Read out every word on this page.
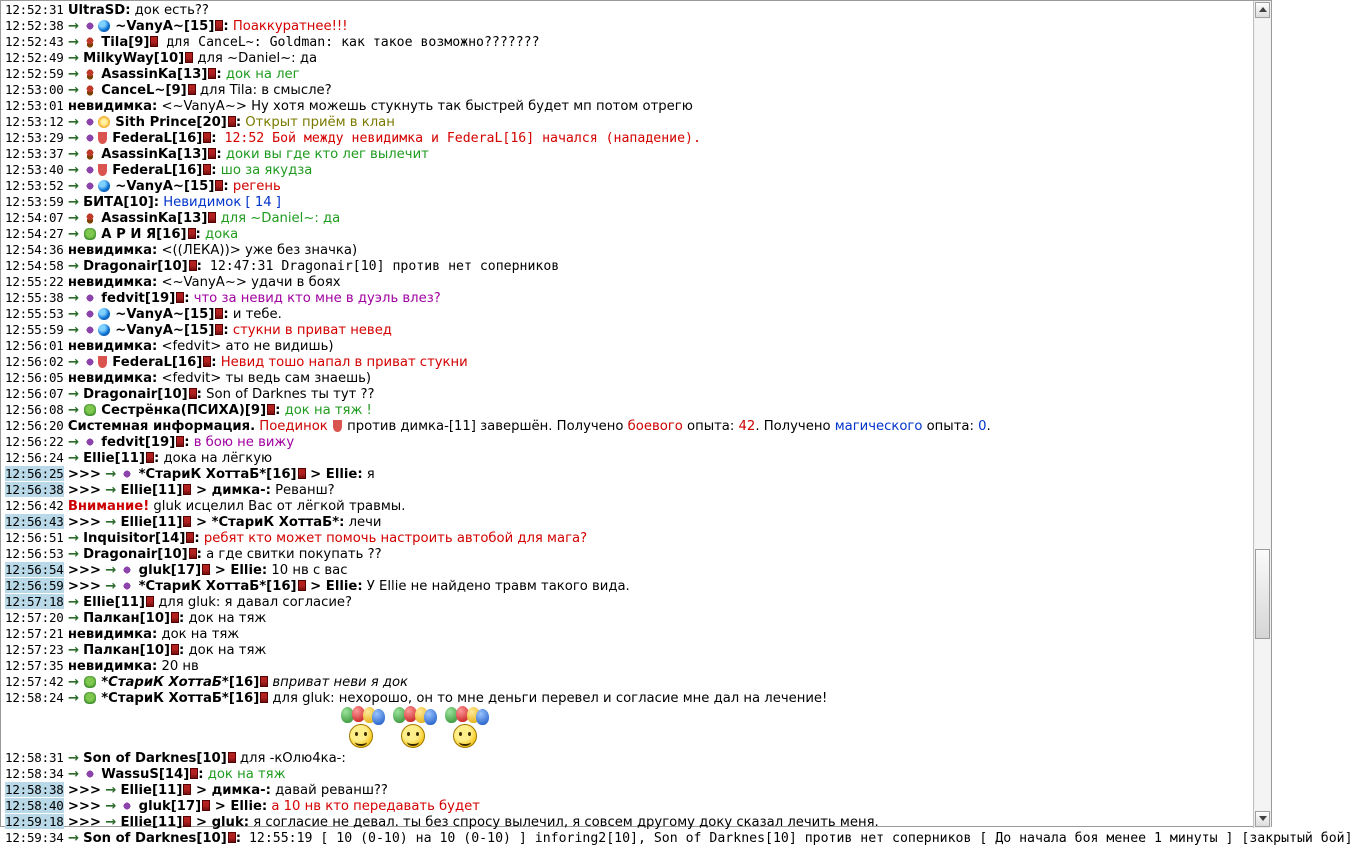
12:52:31 UltraSD: док есть??
12:52:38 →	~VanyA~[15] : Поаккуратнее!!!
12:52:43 → Tila[9] для CanceL~: Goldman: как такое возможно???????
12:52:49 → MilkyWay[10] для ~Daniel~: да
12:52:59 → AsassinKa[13] : док на лег
12:53:00 → CanceL~[9] для Tila: в смысле?
12:53:01 невидимка: <~VanyA~> Ну хотя можешь стукнуть так быстрей будет мп потом отрегю
12:53:12 →	Sith Prince[20] : Открыт приём в клан
12:53:29 →	FederaL[16] : 12:52 Бой между невидимка и FederaL[16] начался (нападение).
12:53:37 → AsassinKa[13] : доки вы где кто лег вылечит
12:53:40 →	FederaL[16] : шо за якудза
12:53:52 →	~VanyA~[15] : регень
12:53:59 → БИТА[10]: Невидимок [ 14 ]
12:54:07 → AsassinKa[13] для ~Daniel~: да
12:54:27 → А Р И Я[16] : дока
12:54:36 невидимка: <((ЛЕКА))> уже без значка)
12:54:58 → Dragonair[10] : 12:47:31 Dragonair[10] против нет соперников
12:55:22 невидимка: <~VanyA~> удачи в боях
12:55:38 → fedvit[19] : что за невид кто мне в дуэль влез?
12:55:53 →	~VanyA~[15] : и тебе.
12:55:59 →	~VanyA~[15] : стукни в приват невед
12:56:01 невидимка: <fedvit> ато не видишь)
12:56:02 →	FederaL[16] : Невид тошо напал в приват стукни
12:56:05 невидимка: <fedvit> ты ведь сам знаешь)
12:56:07 → Dragonair[10] : Son of Darknes ты тут ??
12:56:08 → Сестрёнка(ПСИХА)[9] : док на тяж !
12:56:20 Системная информация. Поединок  против димка-[11] завершён. Получено боевого опыта: 42. Получено магического опыта: 0.
12:56:22 → fedvit[19] : в бою не вижу
12:56:24 → Ellie[11] : дока на лёгкую
12:56:25 >>> → *СтариК ХоттаБ*[16] > Ellie: я
12:56:38 >>> → Ellie[11] > димка-: Реванш?
12:56:42 Внимание! gluk исцелил Вас от лёгкой травмы.
12:56:43 >>> → Ellie[11] > *СтариК ХоттаБ*: лечи
12:56:51 → Inquisitor[14] : ребят кто может помочь настроить автобой для мага?
12:56:53 → Dragonair[10] : а где свитки покупать ??
12:56:54 >>> → gluk[17] > Ellie: 10 нв с вас
12:56:59 >>> → *СтариК ХоттаБ*[16] > Ellie: У Ellie не найдено травм такого вида.
12:57:18 → Ellie[11] для gluk: я давал согласие?
12:57:20 → Палкан[10] : док на тяж
12:57:21 невидимка: док на тяж
12:57:23 → Палкан[10] : док на тяж
12:57:35 невидимка: 20 нв
12:57:42 → *СтариК ХоттаБ*[16] вприват неви я док
12:58:24 → *СтариК ХоттаБ*[16] для gluk: нехорошо, он то мне деньги перевел и согласие мне дал на лечение!
12:58:31 → Son of Darknes[10] для -кOлю4ка-:
12:58:34 → WassuS[14] : док на тяж
12:58:38 >>> → Ellie[11] > димка-: давай реванш??
12:58:40 >>> → gluk[17] > Ellie: а 10 нв кто передавать будет
12:59:18 >>> → Ellie[11] > gluk: я согласие не девал. ты без спросу вылечил, я совсем другому доку сказал лечить меня.
12:59:34 → Son of Darknes[10] : 12:55:19 [ 10 (0-10) на 10 (0-10) ] inforing2[10], Son of Darknes[10] против нет соперников [ До начала боя менее 1 минуты ] [закрытый бой]
